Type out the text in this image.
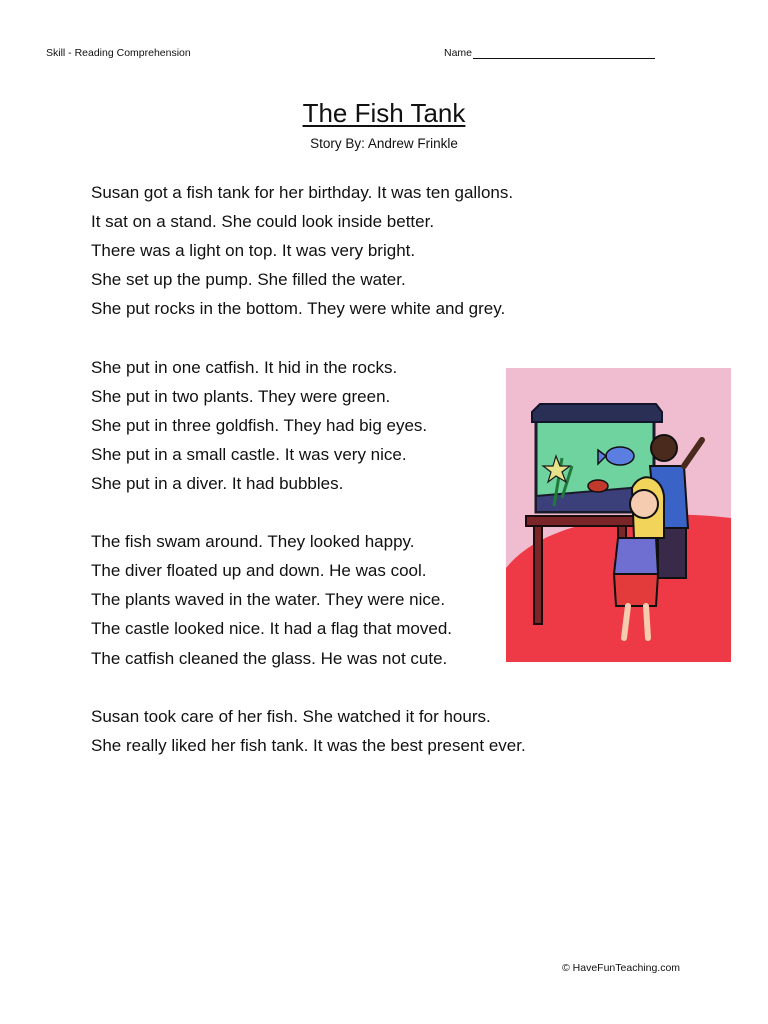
Skill - Reading Comprehension	Name
The Fish Tank
Story By: Andrew Frinkle

Susan got a fish tank for her birthday. It was ten gallons.
It sat on a stand. She could look inside better.
There was a light on top. It was very bright.
She set up the pump. She filled the water.
She put rocks in the bottom. They were white and grey.

She put in one catfish. It hid in the rocks.
She put in two plants. They were green.
She put in three goldfish. They had big eyes.
She put in a small castle. It was very nice.
She put in a diver. It had bubbles.

The fish swam around. They looked happy.
The diver floated up and down. He was cool.
The plants waved in the water. They were nice.
The castle looked nice. It had a flag that moved.
The catfish cleaned the glass. He was not cute.

Susan took care of her fish. She watched it for hours.
She really liked her fish tank. It was the best present ever.

© HaveFunTeaching.com
